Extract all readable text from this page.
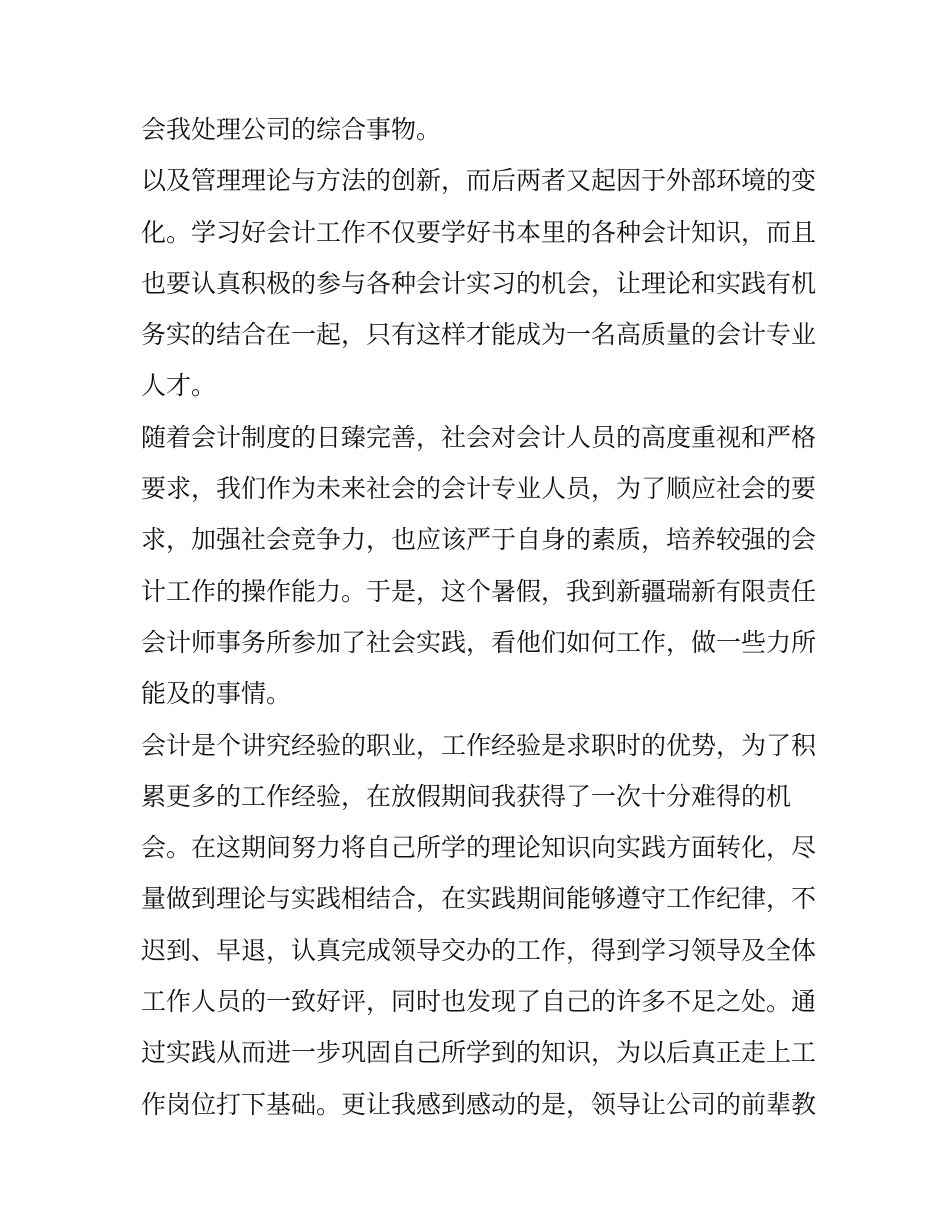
会我处理公司的综合事物。
以及管理理论与方法的创新，而后两者又起因于外部环境的变
化。学习好会计工作不仅要学好书本里的各种会计知识，而且
也要认真积极的参与各种会计实习的机会，让理论和实践有机
务实的结合在一起，只有这样才能成为一名高质量的会计专业
人才。
随着会计制度的日臻完善，社会对会计人员的高度重视和严格
要求，我们作为未来社会的会计专业人员，为了顺应社会的要
求，加强社会竞争力，也应该严于自身的素质，培养较强的会
计工作的操作能力。于是，这个暑假，我到新疆瑞新有限责任
会计师事务所参加了社会实践，看他们如何工作，做一些力所
能及的事情。
会计是个讲究经验的职业，工作经验是求职时的优势，为了积
累更多的工作经验，在放假期间我获得了一次十分难得的机
会。在这期间努力将自己所学的理论知识向实践方面转化，尽
量做到理论与实践相结合，在实践期间能够遵守工作纪律，不
迟到、早退，认真完成领导交办的工作，得到学习领导及全体
工作人员的一致好评，同时也发现了自己的许多不足之处。通
过实践从而进一步巩固自己所学到的知识，为以后真正走上工
作岗位打下基础。更让我感到感动的是，领导让公司的前辈教
